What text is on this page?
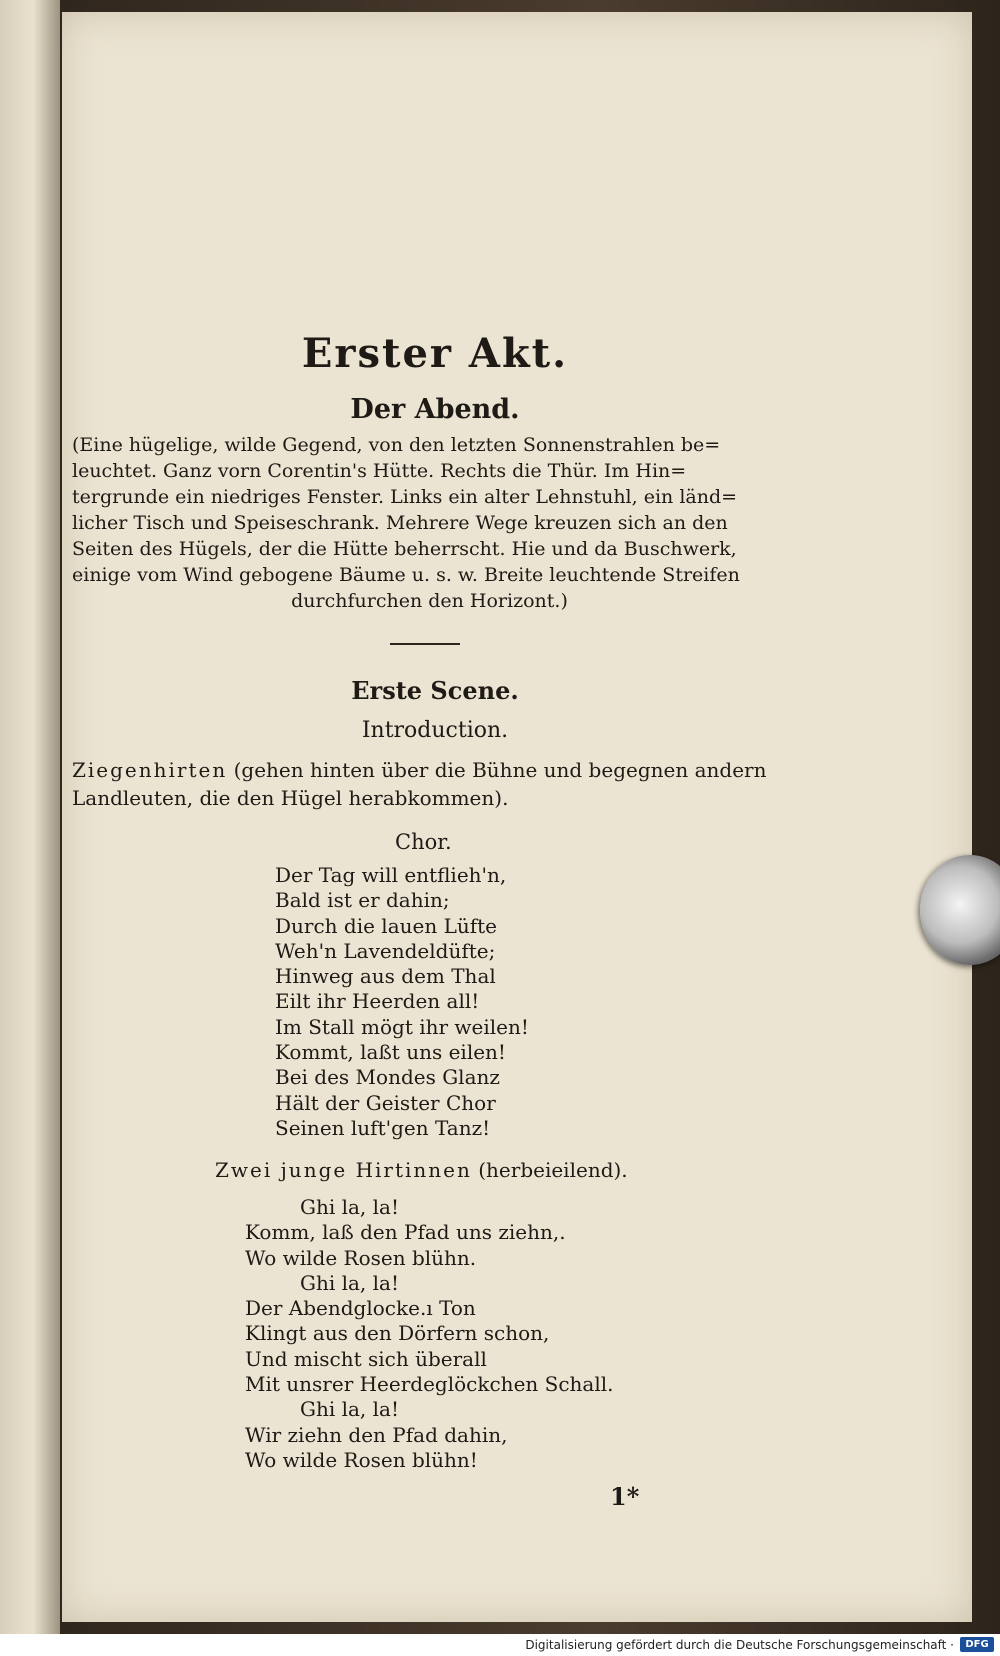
Erster Akt.
Der Abend.

(Eine hügelige, wilde Gegend, von den letzten Sonnenstrahlen be=

leuchtet. Ganz vorn Corentin's Hütte. Rechts die Thür. Im Hin=

tergrunde ein niedriges Fenster. Links ein alter Lehnstuhl, ein länd=

licher Tisch und Speiseschrank. Mehrere Wege kreuzen sich an den

Seiten des Hügels, der die Hütte beherrscht. Hie und da Buschwerk,

einige vom Wind gebogene Bäume u. s. w. Breite leuchtende Streifen

durchfurchen den Horizont.)

Erste Scene.
Introduction.
Ziegenhirten (gehen hinten über die Bühne und begegnen andern Landleuten, die den Hügel herabkommen).
Chor.
Der Tag will entflieh'n,
Bald ist er dahin;
Durch die lauen Lüfte
Weh'n Lavendeldüfte;
Hinweg aus dem Thal
Eilt ihr Heerden all!
Im Stall mögt ihr weilen!
Kommt, laßt uns eilen!
Bei des Mondes Glanz
Hält der Geister Chor
Seinen luft'gen Tanz!
Zwei junge Hirtinnen (herbeieilend).
Ghi la, la!
Komm, laß den Pfad uns ziehn,.
Wo wilde Rosen blühn.
Ghi la, la!
Der Abendglocke.ı Ton
Klingt aus den Dörfern schon,
Und mischt sich überall
Mit unsrer Heerdeglöckchen Schall.
Ghi la, la!
Wir ziehn den Pfad dahin,
Wo wilde Rosen blühn!
1*
Digitalisierung gefördert durch die Deutsche Forschungsgemeinschaft ·	DFG
